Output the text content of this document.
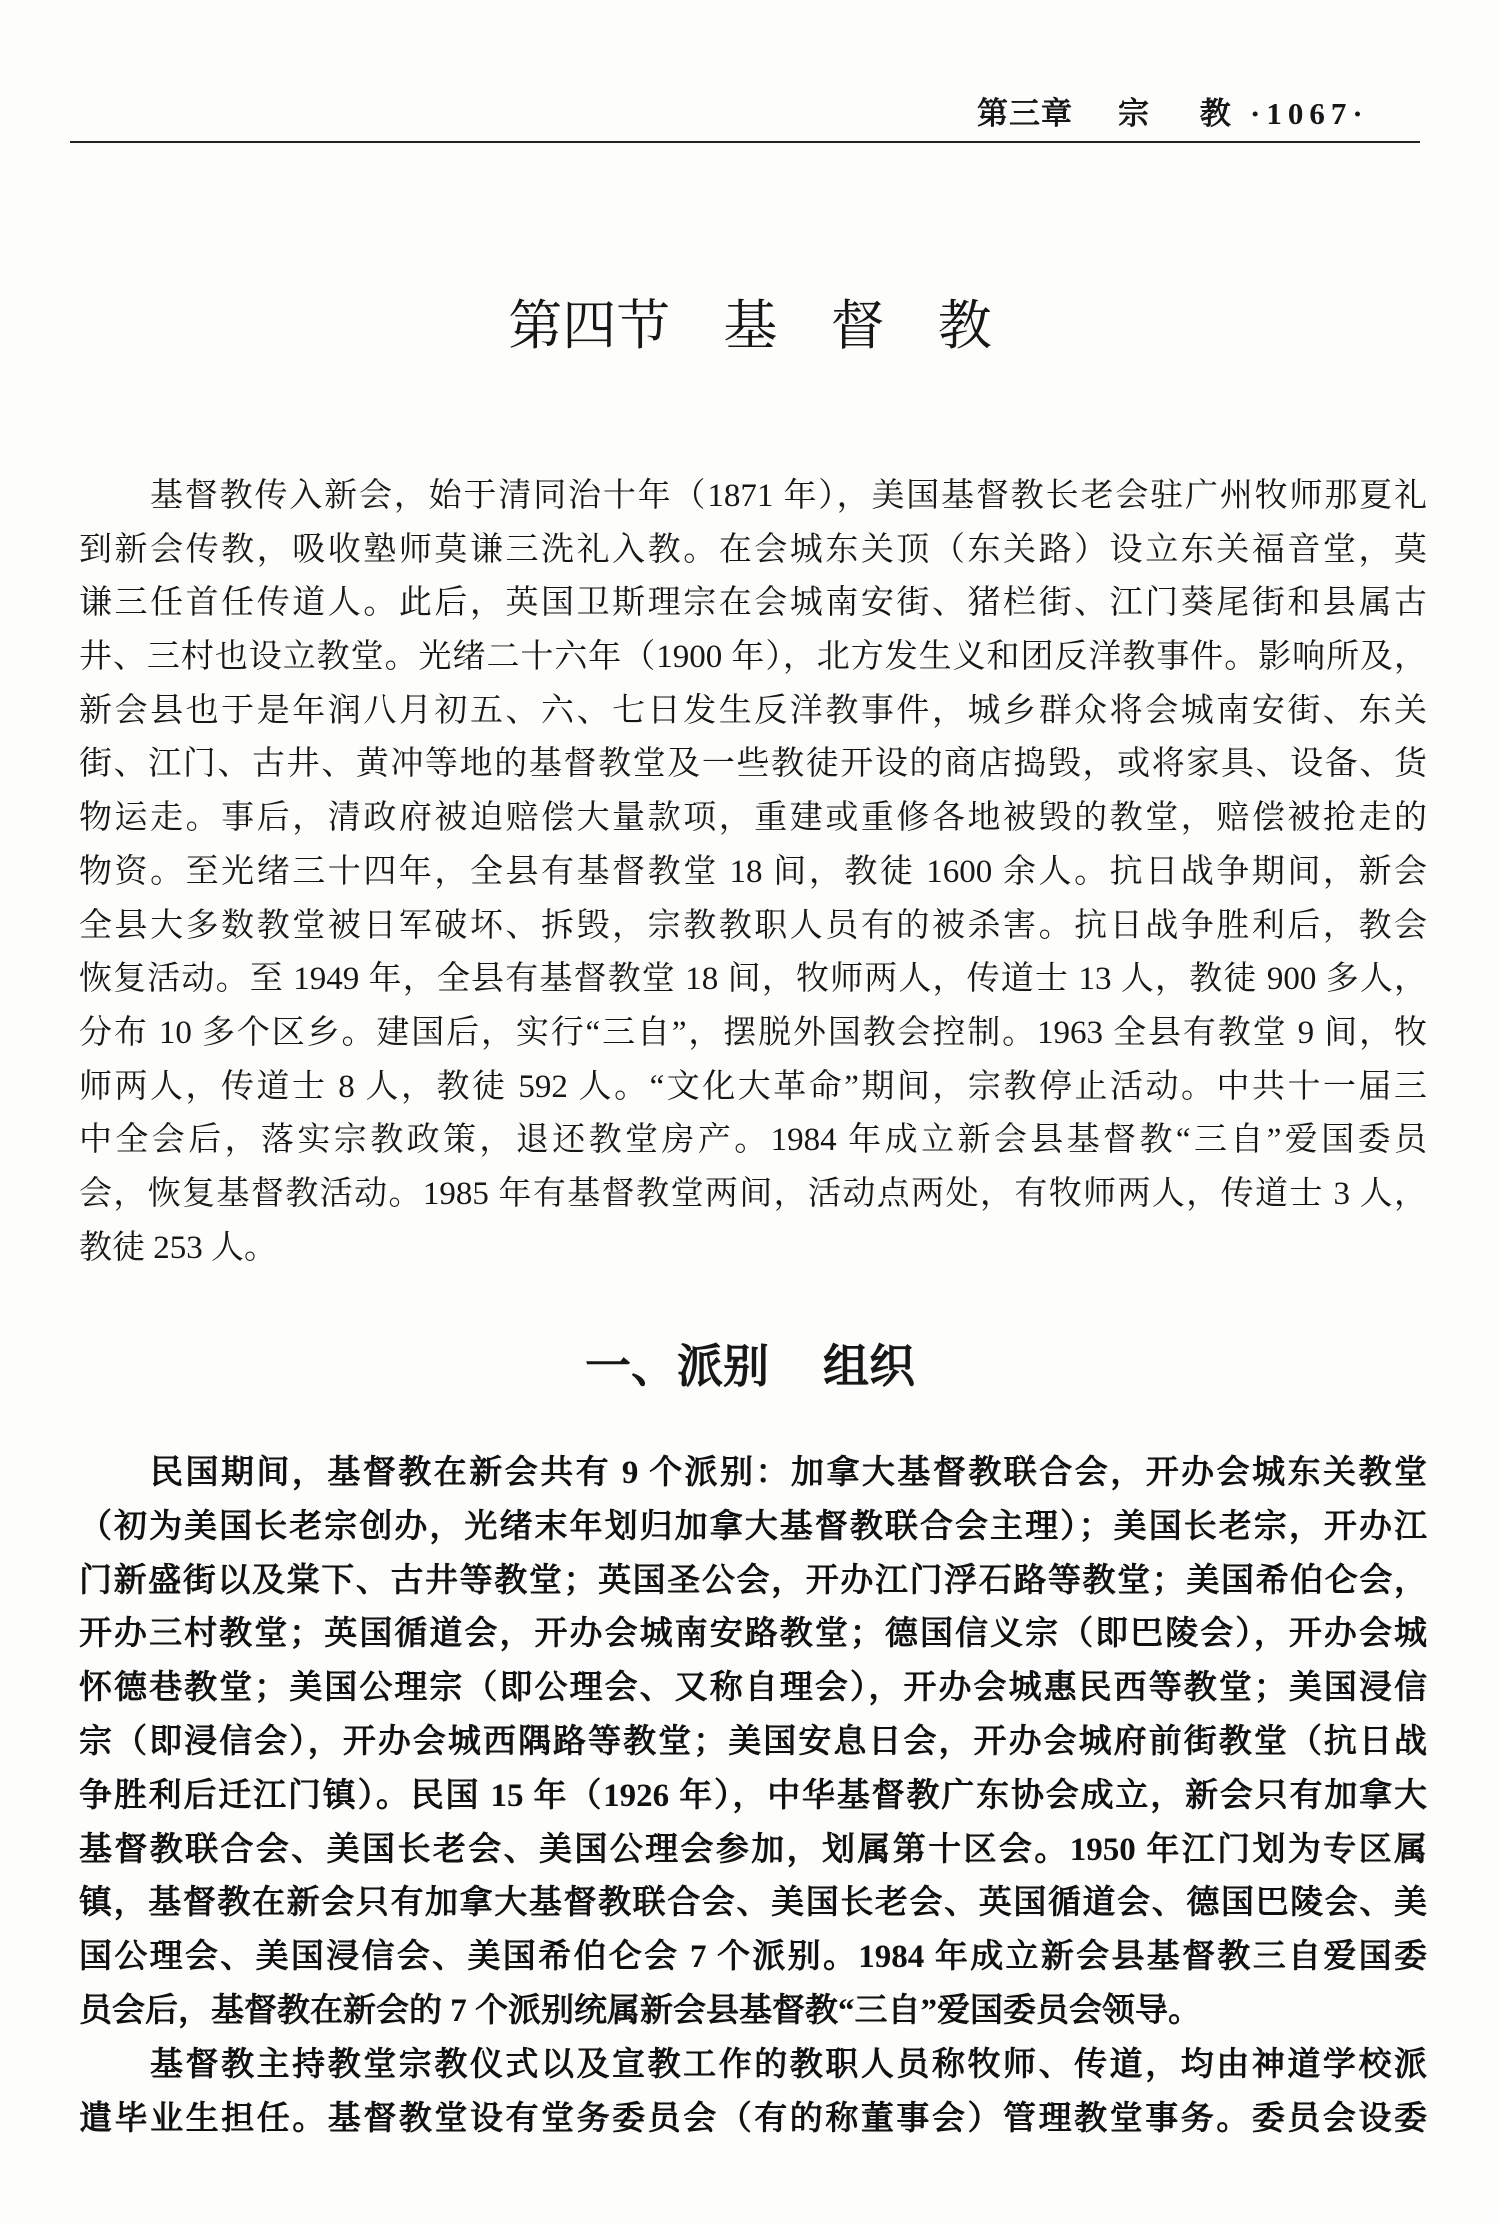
第三章 宗 教 ·1067·
第四节 基 督 教
基督教传入新会，始于清同治十年（1871 年），美国基督教长老会驻广州牧师那夏礼
到新会传教，吸收塾师莫谦三洗礼入教。在会城东关顶（东关路）设立东关福音堂，莫
谦三任首任传道人。此后，英国卫斯理宗在会城南安街、猪栏街、江门葵尾街和县属古
井、三村也设立教堂。光绪二十六年（1900 年），北方发生义和团反洋教事件。影响所及，
新会县也于是年润八月初五、六、七日发生反洋教事件，城乡群众将会城南安街、东关
街、江门、古井、黄冲等地的基督教堂及一些教徒开设的商店捣毁，或将家具、设备、货
物运走。事后，清政府被迫赔偿大量款项，重建或重修各地被毁的教堂，赔偿被抢走的
物资。至光绪三十四年，全县有基督教堂 18 间，教徒 1600 余人。抗日战争期间，新会
全县大多数教堂被日军破坏、拆毁，宗教教职人员有的被杀害。抗日战争胜利后，教会
恢复活动。至 1949 年，全县有基督教堂 18 间，牧师两人，传道士 13 人，教徒 900 多人，
分布 10 多个区乡。建国后，实行“三自”，摆脱外国教会控制。1963 全县有教堂 9 间，牧
师两人，传道士 8 人，教徒 592 人。“文化大革命”期间，宗教停止活动。中共十一届三
中全会后，落实宗教政策，退还教堂房产。1984 年成立新会县基督教“三自”爱国委员
会，恢复基督教活动。1985 年有基督教堂两间，活动点两处，有牧师两人，传道士 3 人，
教徒 253 人。
一、派别 组织
民国期间，基督教在新会共有 9 个派别：加拿大基督教联合会，开办会城东关教堂
（初为美国长老宗创办，光绪末年划归加拿大基督教联合会主理）；美国长老宗，开办江
门新盛街以及棠下、古井等教堂；英国圣公会，开办江门浮石路等教堂；美国希伯仑会，
开办三村教堂；英国循道会，开办会城南安路教堂；德国信义宗（即巴陵会），开办会城
怀德巷教堂；美国公理宗（即公理会、又称自理会），开办会城惠民西等教堂；美国浸信
宗（即浸信会），开办会城西隅路等教堂；美国安息日会，开办会城府前街教堂（抗日战
争胜利后迁江门镇）。民国 15 年（1926 年），中华基督教广东协会成立，新会只有加拿大
基督教联合会、美国长老会、美国公理会参加，划属第十区会。1950 年江门划为专区属
镇，基督教在新会只有加拿大基督教联合会、美国长老会、英国循道会、德国巴陵会、美
国公理会、美国浸信会、美国希伯仑会 7 个派别。1984 年成立新会县基督教三自爱国委
员会后，基督教在新会的 7 个派别统属新会县基督教“三自”爱国委员会领导。
基督教主持教堂宗教仪式以及宣教工作的教职人员称牧师、传道，均由神道学校派
遣毕业生担任。基督教堂设有堂务委员会（有的称董事会）管理教堂事务。委员会设委
